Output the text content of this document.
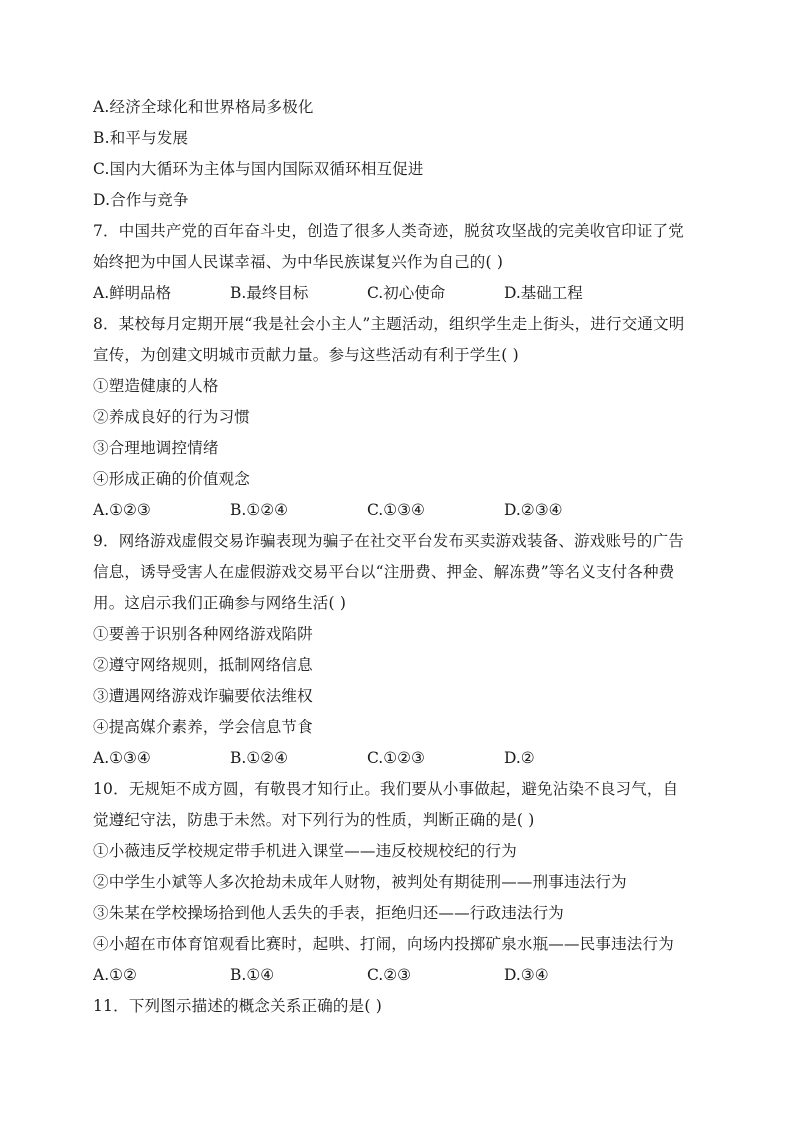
A.经济全球化和世界格局多极化
B.和平与发展
C.国内大循环为主体与国内国际双循环相互促进
D.合作与竞争
7．中国共产党的百年奋斗史，创造了很多人类奇迹，脱贫攻坚战的完美收官印证了党
始终把为中国人民谋幸福、为中华民族谋复兴作为自己的( )
A.鲜明品格	B.最终目标	C.初心使命	D.基础工程
8．某校每月定期开展“我是社会小主人”主题活动，组织学生走上街头，进行交通文明
宣传，为创建文明城市贡献力量。参与这些活动有利于学生( )
①塑造健康的人格
②养成良好的行为习惯
③合理地调控情绪
④形成正确的价值观念
A.①②③	B.①②④	C.①③④	D.②③④
9．网络游戏虚假交易诈骗表现为骗子在社交平台发布买卖游戏装备、游戏账号的广告
信息，诱导受害人在虚假游戏交易平台以“注册费、押金、解冻费”等名义支付各种费
用。这启示我们正确参与网络生活( )
①要善于识别各种网络游戏陷阱
②遵守网络规则，抵制网络信息
③遭遇网络游戏诈骗要依法维权
④提高媒介素养，学会信息节食
A.①③④	B.①②④	C.①②③	D.②
10．无规矩不成方圆，有敬畏才知行止。我们要从小事做起，避免沾染不良习气，自
觉遵纪守法，防患于未然。对下列行为的性质，判断正确的是( )
①小薇违反学校规定带手机进入课堂——违反校规校纪的行为
②中学生小斌等人多次抢劫未成年人财物，被判处有期徒刑——刑事违法行为
③朱某在学校操场拾到他人丢失的手表，拒绝归还——行政违法行为
④小超在市体育馆观看比赛时，起哄、打闹，向场内投掷矿泉水瓶——民事违法行为
A.①②	B.①④	C.②③	D.③④
11．下列图示描述的概念关系正确的是( )
